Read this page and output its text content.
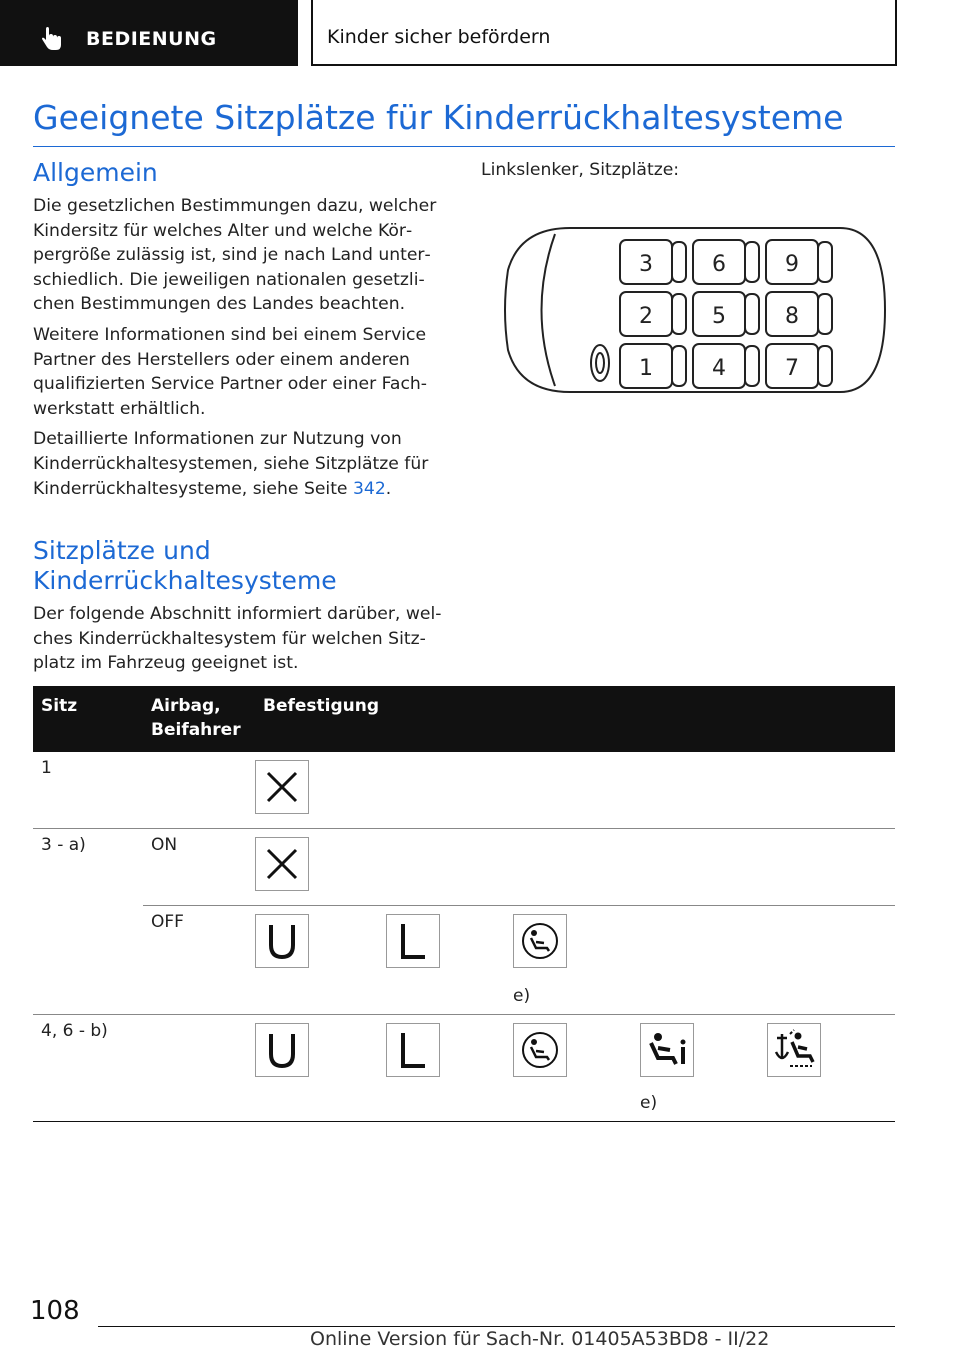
BEDIENUNG	Kinder sicher befördern
Geeignete Sitzplätze für Kinderrückhaltesysteme
Allgemein

Die gesetzlichen Bestimmungen dazu, welcher Kindersitz für welches Alter und welche Körpergröße zulässig ist, sind je nach Land unterschiedlich. Die jeweiligen nationalen gesetzlichen Bestimmungen des Landes beachten.

Weitere Informationen sind bei einem Service Partner des Herstellers oder einem anderen qualifizierten Service Partner oder einer Fachwerkstatt erhältlich.

Detaillierte Informationen zur Nutzung von Kinderrückhaltesystemen, siehe Sitzplätze für Kinderrückhaltesysteme, siehe Seite 342.

Sitzplätze und Kinderrückhaltesysteme

Der folgende Abschnitt informiert darüber, welches Kinderrückhaltesystem für welchen Sitzplatz im Fahrzeug geeignet ist.

Linkslenker, Sitzplätze:
3	6	9
2	5	8
1	4	7
Sitz	Airbag, Beifahrer	Befestigung
1		

3 - a)	ON	

	OFF	e)

4, 6 - b)		e)
108
Online Version für Sach-Nr. 01405A53BD8 - II/22
